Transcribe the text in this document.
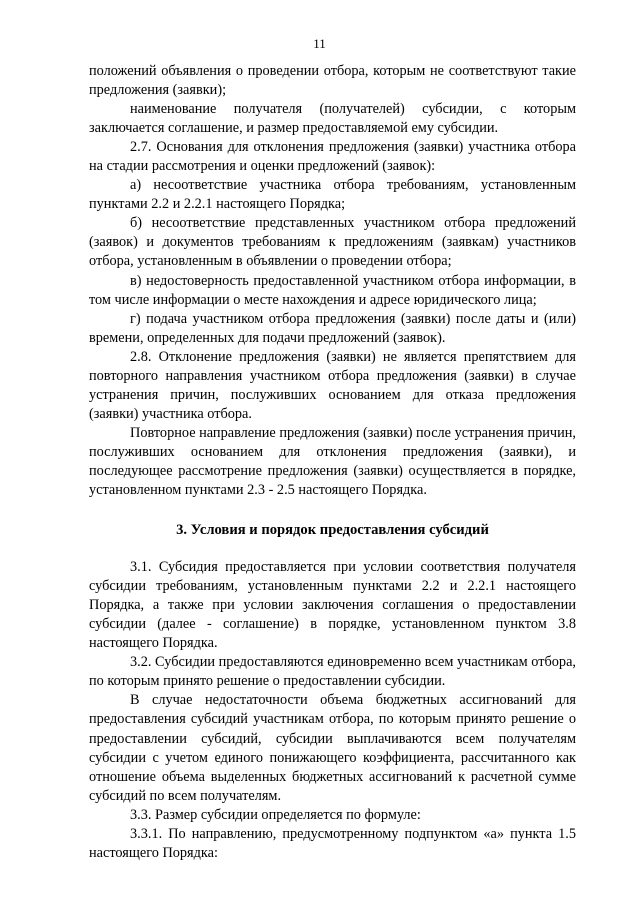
11

положений объявления о проведении отбора, которым не соответствуют такие предложения (заявки);

наименование получателя (получателей) субсидии, с которым заключается соглашение, и размер предоставляемой ему субсидии.

2.7. Основания для отклонения предложения (заявки) участника отбора на стадии рассмотрения и оценки предложений (заявок):

а) несоответствие участника отбора требованиям, установленным пунктами 2.2 и 2.2.1 настоящего Порядка;

б) несоответствие представленных участником отбора предложений (заявок) и документов требованиям к предложениям (заявкам) участников отбора, установленным в объявлении о проведении отбора;

в) недостоверность предоставленной участником отбора информации, в том числе информации о месте нахождения и адресе юридического лица;

г) подача участником отбора предложения (заявки) после даты и (или) времени, определенных для подачи предложений (заявок).

2.8. Отклонение предложения (заявки) не является препятствием для повторного направления участником отбора предложения (заявки) в случае устранения причин, послуживших основанием для отказа предложения (заявки) участника отбора.

Повторное направление предложения (заявки) после устранения причин, послуживших основанием для отклонения предложения (заявки), и последующее рассмотрение предложения (заявки) осуществляется в порядке, установленном пунктами 2.3 - 2.5 настоящего Порядка.

3. Условия и порядок предоставления субсидий

3.1. Субсидия предоставляется при условии соответствия получателя субсидии требованиям, установленным пунктами 2.2 и 2.2.1 настоящего Порядка, а также при условии заключения соглашения о предоставлении субсидии (далее - соглашение) в порядке, установленном пунктом 3.8 настоящего Порядка.

3.2. Субсидии предоставляются единовременно всем участникам отбора, по которым принято решение о предоставлении субсидии.

В случае недостаточности объема бюджетных ассигнований для предоставления субсидий участникам отбора, по которым принято решение о предоставлении субсидий, субсидии выплачиваются всем получателям субсидии с учетом единого понижающего коэффициента, рассчитанного как отношение объема выделенных бюджетных ассигнований к расчетной сумме субсидий по всем получателям.

3.3. Размер субсидии определяется по формуле:

3.3.1. По направлению, предусмотренному подпунктом «а» пункта 1.5 настоящего Порядка:
